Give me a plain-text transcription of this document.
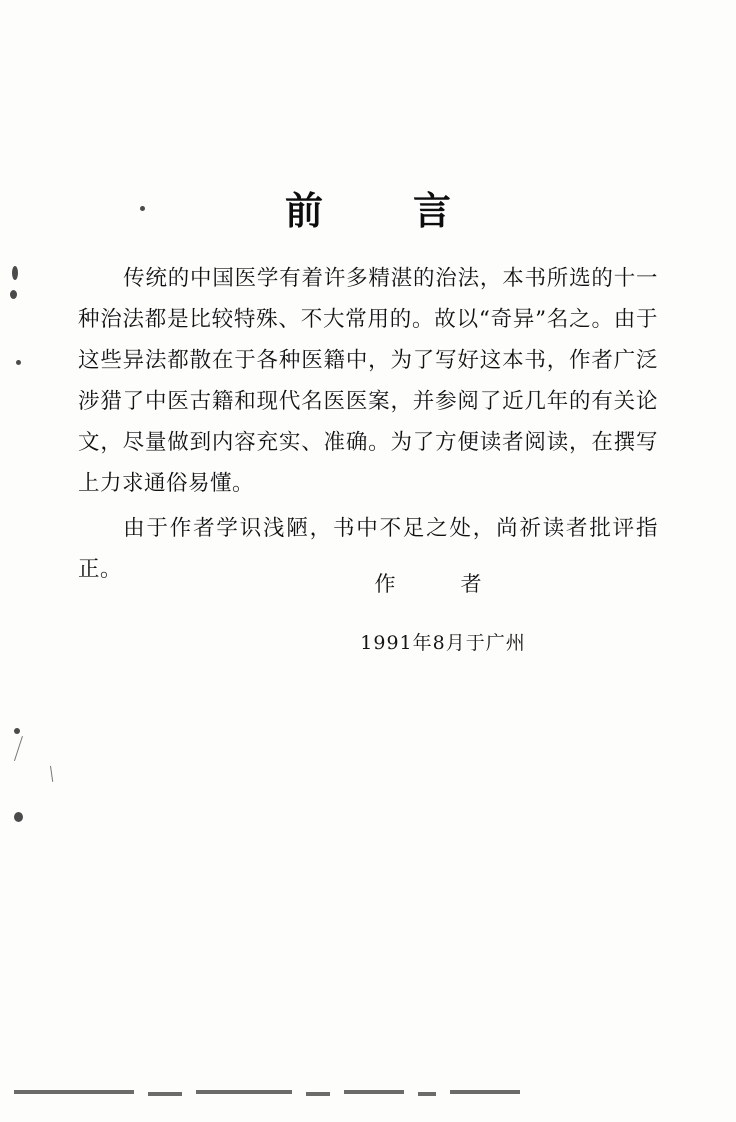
前　言

传统的中国医学有着许多精湛的治法，本书所选的十一种治法都是比较特殊、不大常用的。故以“奇异”名之。由于这些异法都散在于各种医籍中，为了写好这本书，作者广泛涉猎了中医古籍和现代名医医案，并参阅了近几年的有关论文，尽量做到内容充实、准确。为了方便读者阅读，在撰写上力求通俗易懂。

由于作者学识浅陋，书中不足之处，尚祈读者批评指正。

作　者
1991年8月于广州
